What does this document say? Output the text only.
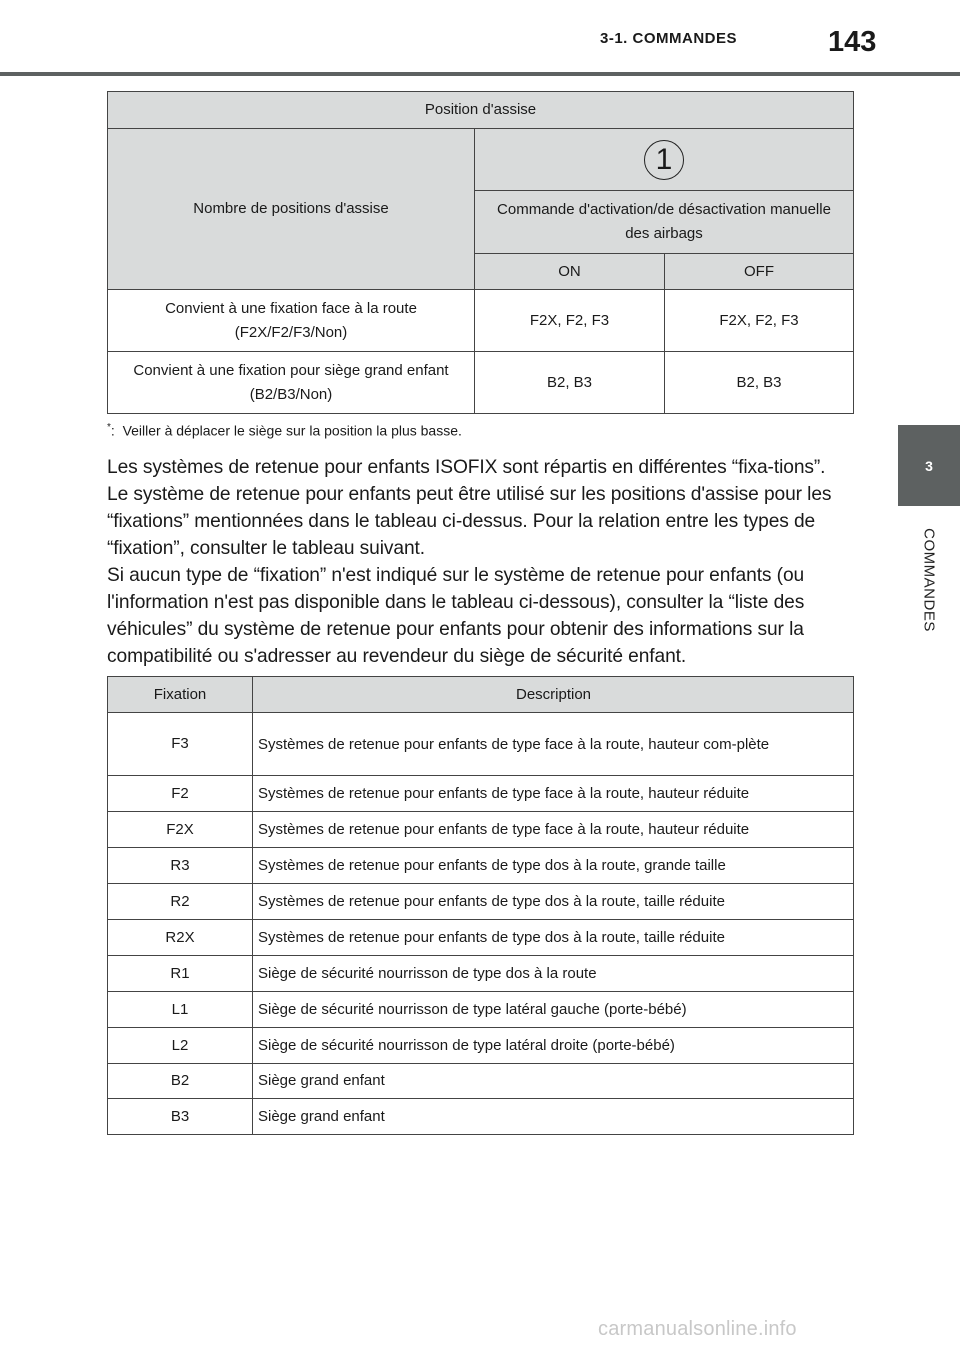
3-1. COMMANDES	143
3
COMMANDES
Position d'assise		
Nombre de positions d'assise	1	

	Commande d'activation/de désactivation manuelle des airbags	

	ON	OFF

Convient à une fixation face à la route (F2X/F2/F3/Non)	F2X, F2, F3	F2X, F2, F3

Convient à une fixation pour siège grand enfant (B2/B3/Non)	B2, B3	B2, B3
*:  Veiller à déplacer le siège sur la position la plus basse.
Les systèmes de retenue pour enfants ISOFIX sont répartis en différentes “fixa-tions”. Le système de retenue pour enfants peut être utilisé sur les positions d'assise pour les “fixations” mentionnées dans le tableau ci-dessus. Pour la relation entre les types de “fixation”, consulter le tableau suivant.
Si aucun type de “fixation” n'est indiqué sur le système de retenue pour enfants (ou l'information n'est pas disponible dans le tableau ci-dessous), consulter la “liste des véhicules” du système de retenue pour enfants pour obtenir des informations sur la compatibilité ou s'adresser au revendeur du siège de sécurité enfant.
Fixation	Description
F3	Systèmes de retenue pour enfants de type face à la route, hauteur com-plète
F2	Systèmes de retenue pour enfants de type face à la route, hauteur réduite
F2X	Systèmes de retenue pour enfants de type face à la route, hauteur réduite
R3	Systèmes de retenue pour enfants de type dos à la route, grande taille
R2	Systèmes de retenue pour enfants de type dos à la route, taille réduite
R2X	Systèmes de retenue pour enfants de type dos à la route, taille réduite
R1	Siège de sécurité nourrisson de type dos à la route
L1	Siège de sécurité nourrisson de type latéral gauche (porte-bébé)
L2	Siège de sécurité nourrisson de type latéral droite (porte-bébé)
B2	Siège grand enfant
B3	Siège grand enfant
carmanualsonline.info
